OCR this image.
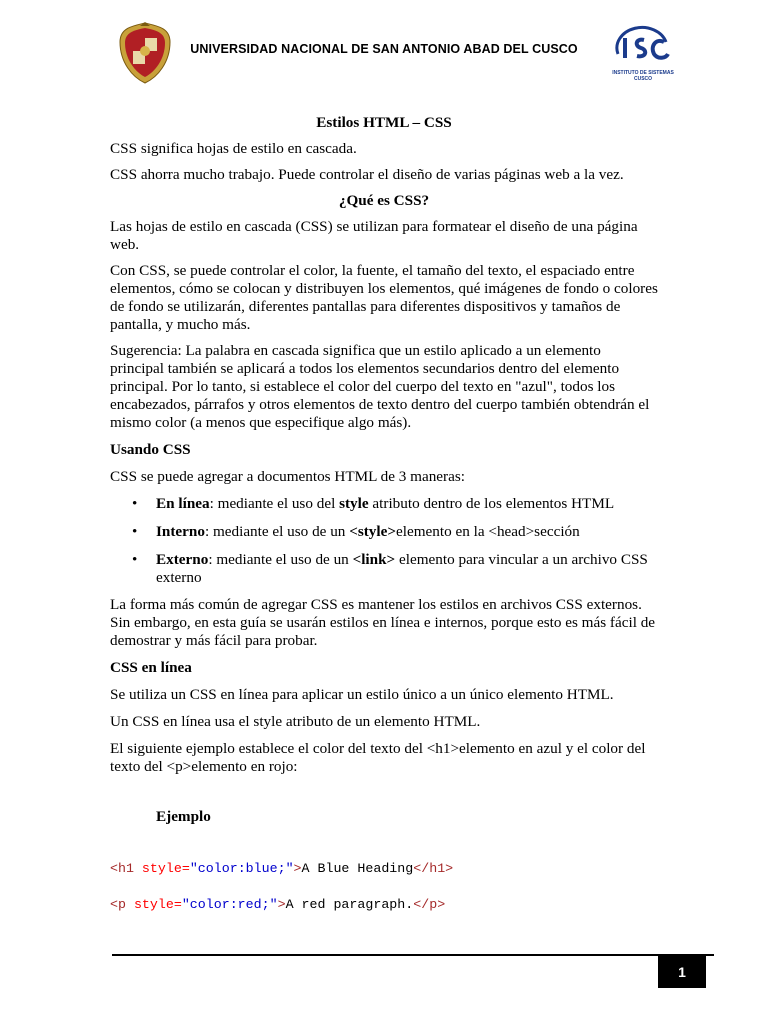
UNIVERSIDAD NACIONAL DE SAN ANTONIO ABAD DEL CUSCO
INSTITUTO DE SISTEMAS
CUSCO

Estilos HTML – CSS

CSS significa hojas de estilo en cascada.

CSS ahorra mucho trabajo. Puede controlar el diseño de varias páginas web a la vez.

¿Qué es CSS?

Las hojas de estilo en cascada (CSS) se utilizan para formatear el diseño de una página web.

Con CSS, se puede controlar el color, la fuente, el tamaño del texto, el espaciado entre elementos, cómo se colocan y distribuyen los elementos, qué imágenes de fondo o colores de fondo se utilizarán, diferentes pantallas para diferentes dispositivos y tamaños de pantalla, y mucho más.

Sugerencia: La palabra en cascada significa que un estilo aplicado a un elemento principal también se aplicará a todos los elementos secundarios dentro del elemento principal. Por lo tanto, si establece el color del cuerpo del texto en "azul", todos los encabezados, párrafos y otros elementos de texto dentro del cuerpo también obtendrán el mismo color (a menos que especifique algo más).

Usando CSS

CSS se puede agregar a documentos HTML de 3 maneras:

• En línea: mediante el uso del style atributo dentro de los elementos HTML
• Interno: mediante el uso de un <style>elemento en la <head>sección
• Externo: mediante el uso de un <link> elemento para vincular a un archivo CSS externo

La forma más común de agregar CSS es mantener los estilos en archivos CSS externos. Sin embargo, en esta guía se usarán estilos en línea e internos, porque esto es más fácil de demostrar y más fácil para probar.

CSS en línea

Se utiliza un CSS en línea para aplicar un estilo único a un único elemento HTML.

Un CSS en línea usa el style atributo de un elemento HTML.

El siguiente ejemplo establece el color del texto del <h1>elemento en azul y el color del texto del <p>elemento en rojo:

Ejemplo

<h1 style="color:blue;">A Blue Heading</h1>
<p style="color:red;">A red paragraph.</p>
1
